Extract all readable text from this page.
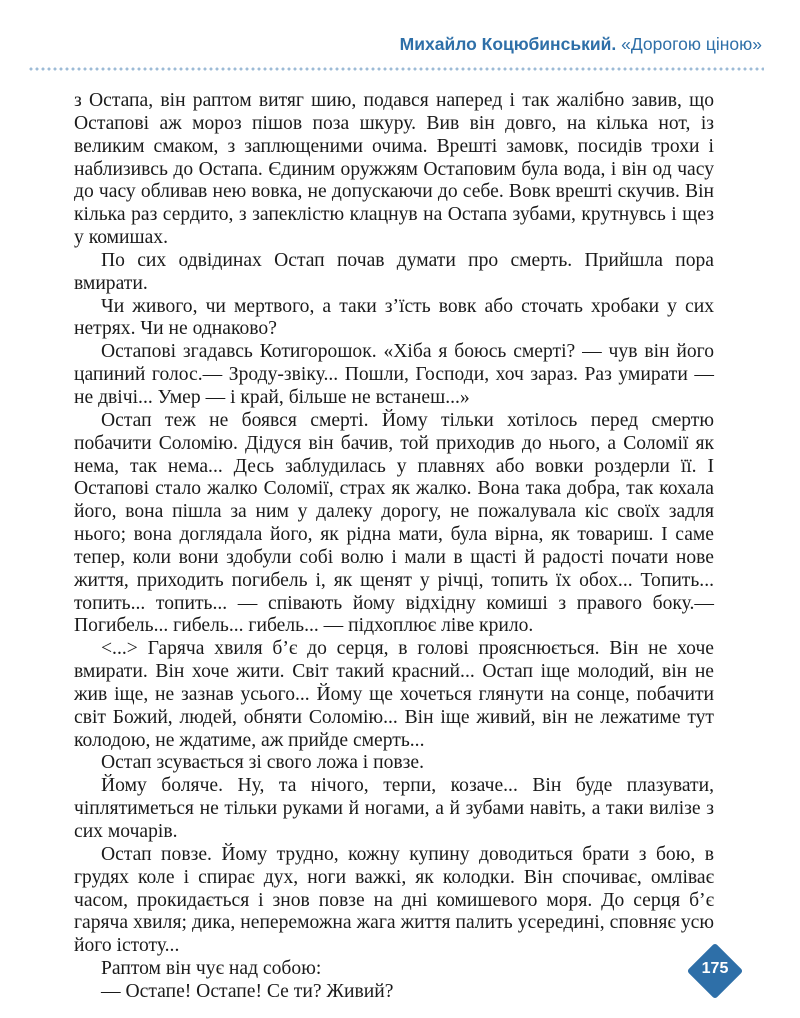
Михайло Коцюбинський. «Дорогою ціною»

з Остапа, він раптом витяг шию, подався наперед і так жалібно завив, що Остапові аж мороз пішов поза шкуру. Вив він довго, на кілька нот, із великим смаком, з заплющеними очима. Врешті замовк, посидів трохи і наблизивсь до Остапа. Єдиним оружжям Остаповим була вода, і він од часу до часу обливав нею вовка, не допускаючи до себе. Вовк врешті скучив. Він кілька раз сердито, з запеклістю клацнув на Остапа зубами, крутнувсь і щез у комишах.

По сих одвідинах Остап почав думати про смерть. Прийшла пора вмирати.

Чи живого, чи мертвого, а таки з’їсть вовк або сточать хробаки у сих нетрях. Чи не однаково?

Остапові згадавсь Котигорошок. «Хіба я боюсь смерті? — чув він його цапиний голос.— Зроду-звіку... Пошли, Господи, хоч зараз. Раз умирати — не двічі... Умер — і край, більше не встанеш...»

Остап теж не боявся смерті. Йому тільки хотілось перед смертю побачити Соломію. Дідуся він бачив, той приходив до нього, а Соломії як нема, так нема... Десь заблудилась у плавнях або вовки роздерли її. І Остапові стало жалко Соломії, страх як жалко. Вона така добра, так кохала його, вона пішла за ним у далеку дорогу, не пожалувала кіс своїх задля нього; вона доглядала його, як рідна мати, була вірна, як товариш. І саме тепер, коли вони здобули собі волю і мали в щасті й радості почати нове життя, приходить погибель і, як щенят у річці, топить їх обох... Топить... топить... топить... — співають йому відхідну комиші з правого боку.— Погибель... гибель... гибель... — підхоплює ліве крило.

<...> Гаряча хвиля б’є до серця, в голові прояснюється. Він не хоче вмирати. Він хоче жити. Світ такий красний... Остап іще молодий, він не жив іще, не зазнав усього... Йому ще хочеться глянути на сонце, побачити світ Божий, людей, обняти Соломію... Він іще живий, він не лежатиме тут колодою, не ждатиме, аж прийде смерть...

Остап зсувається зі свого ложа і повзе.

Йому боляче. Ну, та нічого, терпи, козаче... Він буде плазувати, чіплятиметься не тільки руками й ногами, а й зубами навіть, а таки вилізе з сих мочарів.

Остап повзе. Йому трудно, кожну купину доводиться брати з бою, в грудях коле і спирає дух, ноги важкі, як колодки. Він спочиває, омліває часом, прокидається і знов повзе на дні комишевого моря. До серця б’є гаряча хвиля; дика, непереможна жага життя палить усередині, сповняє усю його істоту...

Раптом він чує над собою:

— Остапе! Остапе! Се ти? Живий?

175
